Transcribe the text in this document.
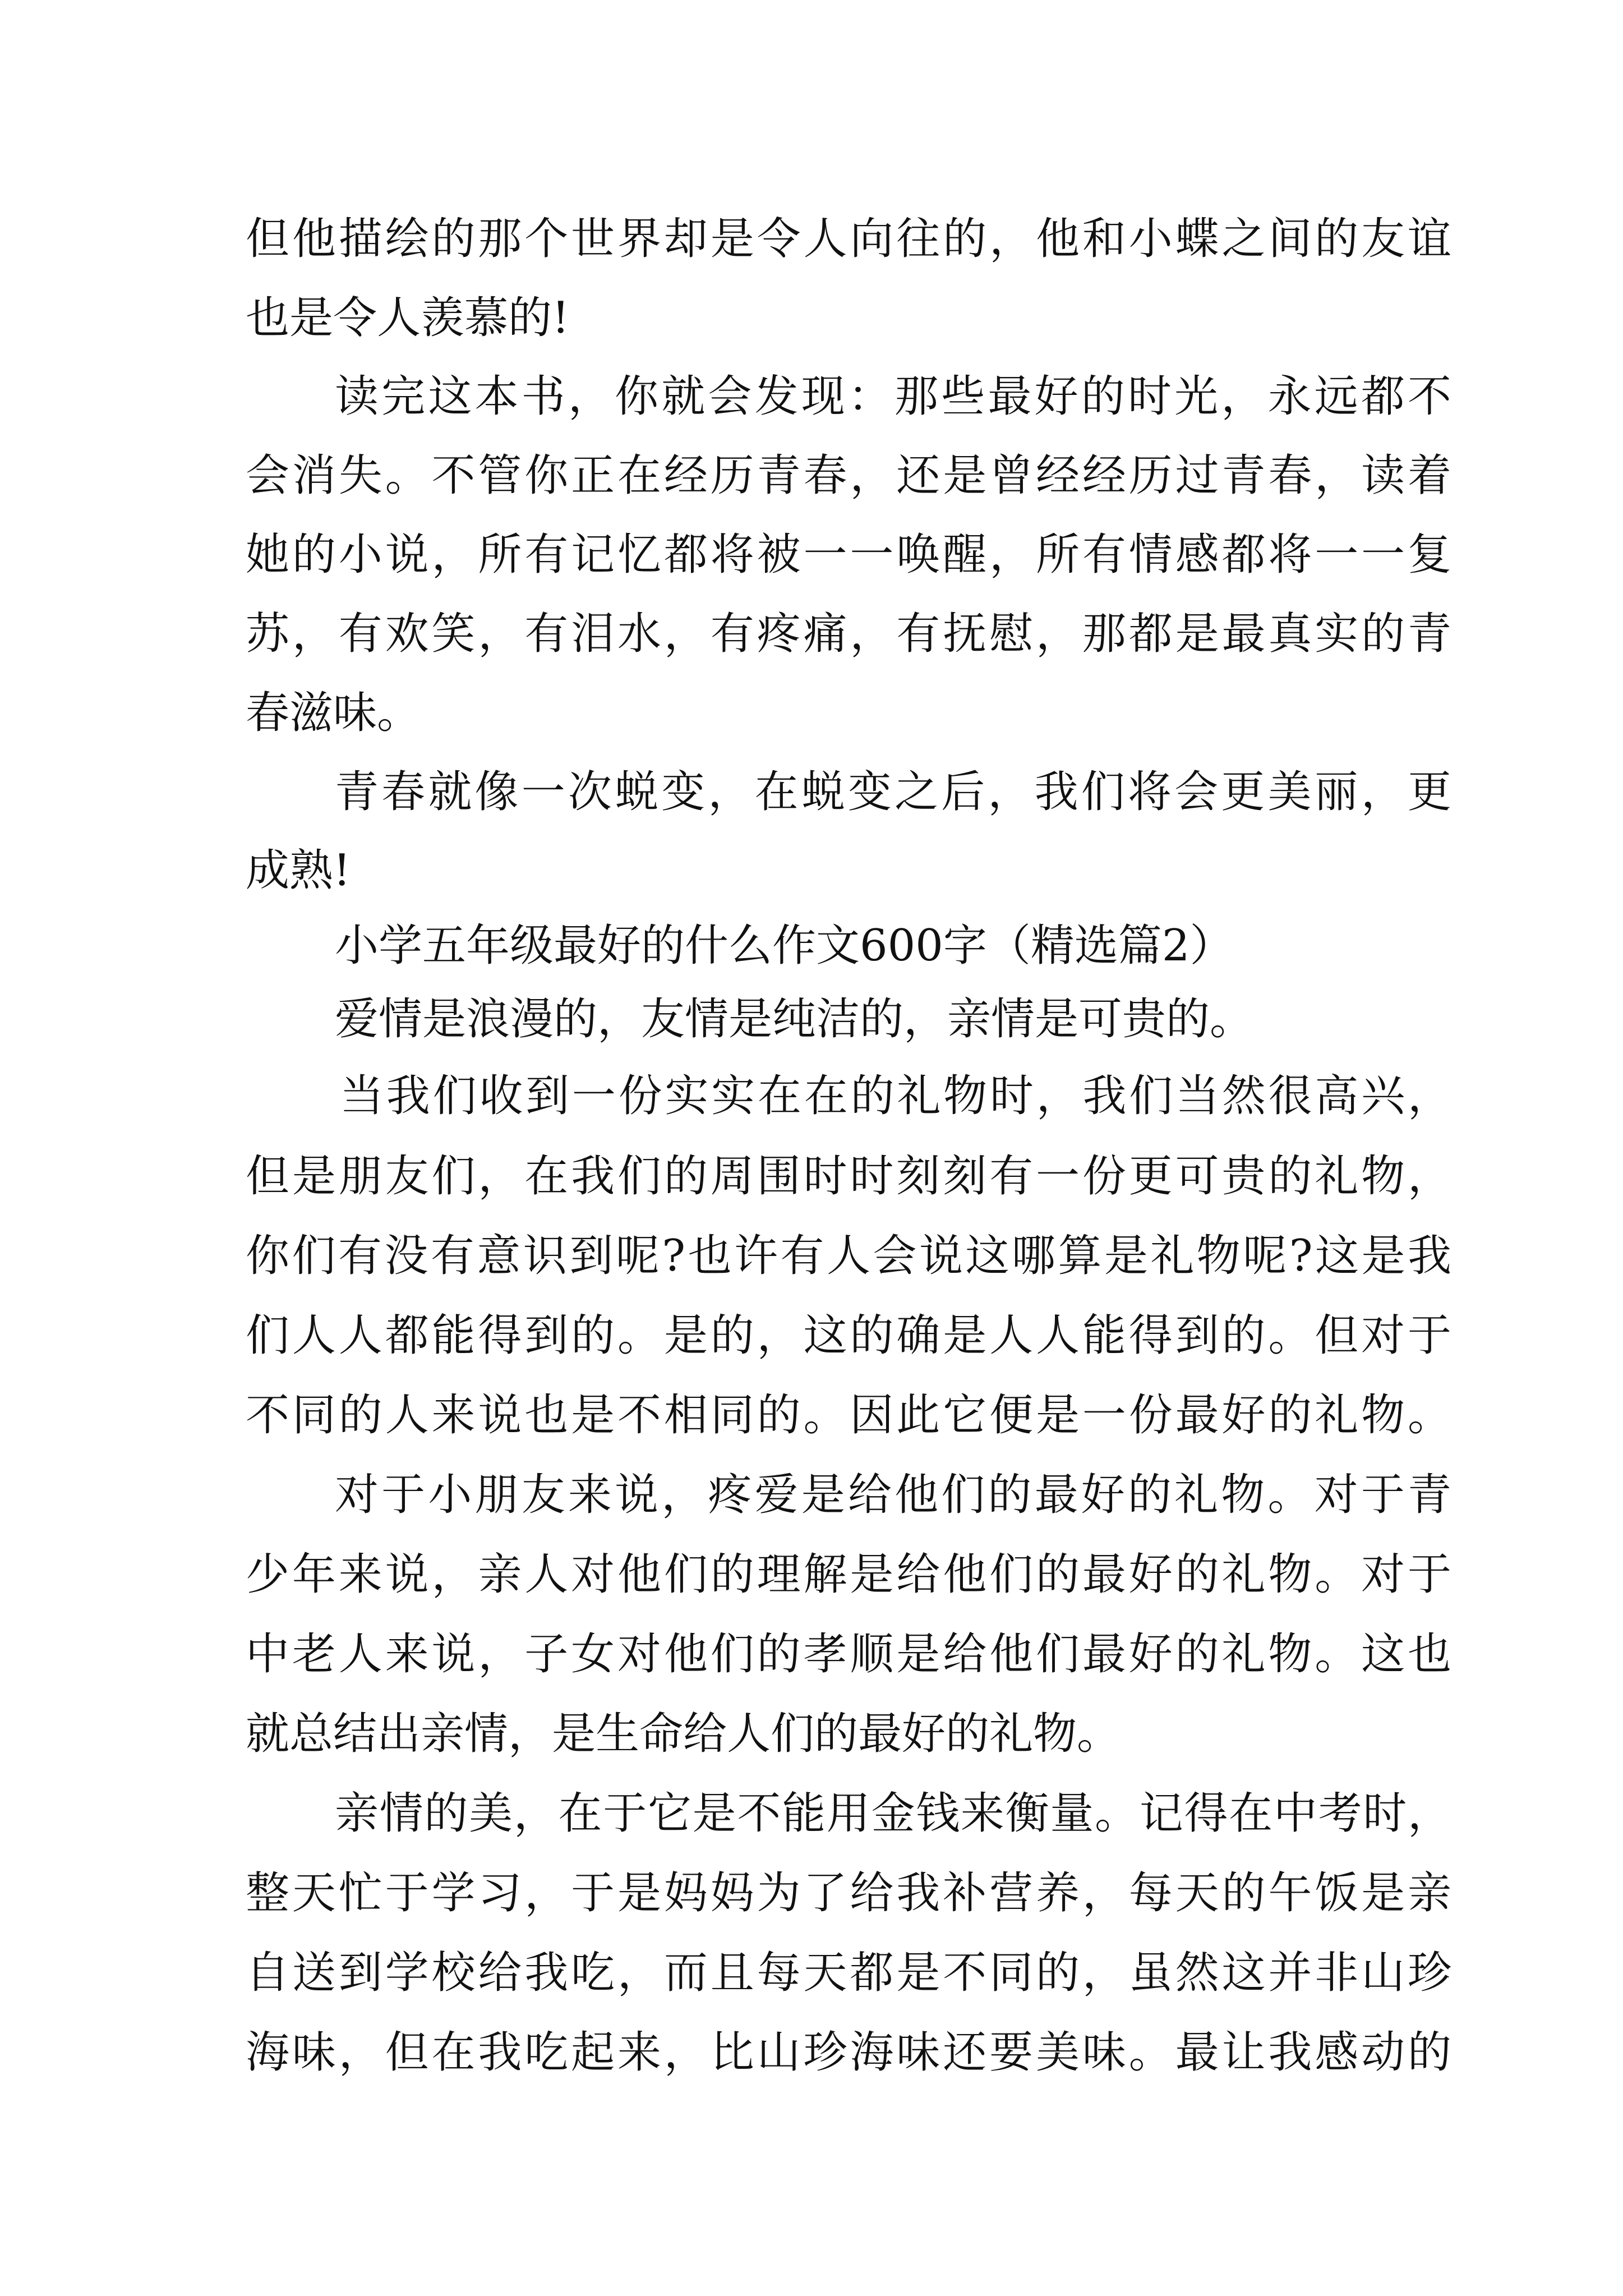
但他描绘的那个世界却是令人向往的，他和小蝶之间的友谊
也是令人羡慕的!
读完这本书，你就会发现：那些最好的时光，永远都不
会消失。不管你正在经历青春，还是曾经经历过青春，读着
她的小说，所有记忆都将被一一唤醒，所有情感都将一一复
苏，有欢笑，有泪水，有疼痛，有抚慰，那都是最真实的青
春滋味。
青春就像一次蜕变，在蜕变之后，我们将会更美丽，更
成熟!
小学五年级最好的什么作文600字（精选篇2）
爱情是浪漫的，友情是纯洁的，亲情是可贵的。
当我们收到一份实实在在的礼物时，我们当然很高兴，
但是朋友们，在我们的周围时时刻刻有一份更可贵的礼物，
你们有没有意识到呢?也许有人会说这哪算是礼物呢?这是我
们人人都能得到的。是的，这的确是人人能得到的。但对于
不同的人来说也是不相同的。因此它便是一份最好的礼物。
对于小朋友来说，疼爱是给他们的最好的礼物。对于青
少年来说，亲人对他们的理解是给他们的最好的礼物。对于
中老人来说，子女对他们的孝顺是给他们最好的礼物。这也
就总结出亲情，是生命给人们的最好的礼物。
亲情的美，在于它是不能用金钱来衡量。记得在中考时，
整天忙于学习，于是妈妈为了给我补营养，每天的午饭是亲
自送到学校给我吃，而且每天都是不同的，虽然这并非山珍
海味，但在我吃起来，比山珍海味还要美味。最让我感动的
